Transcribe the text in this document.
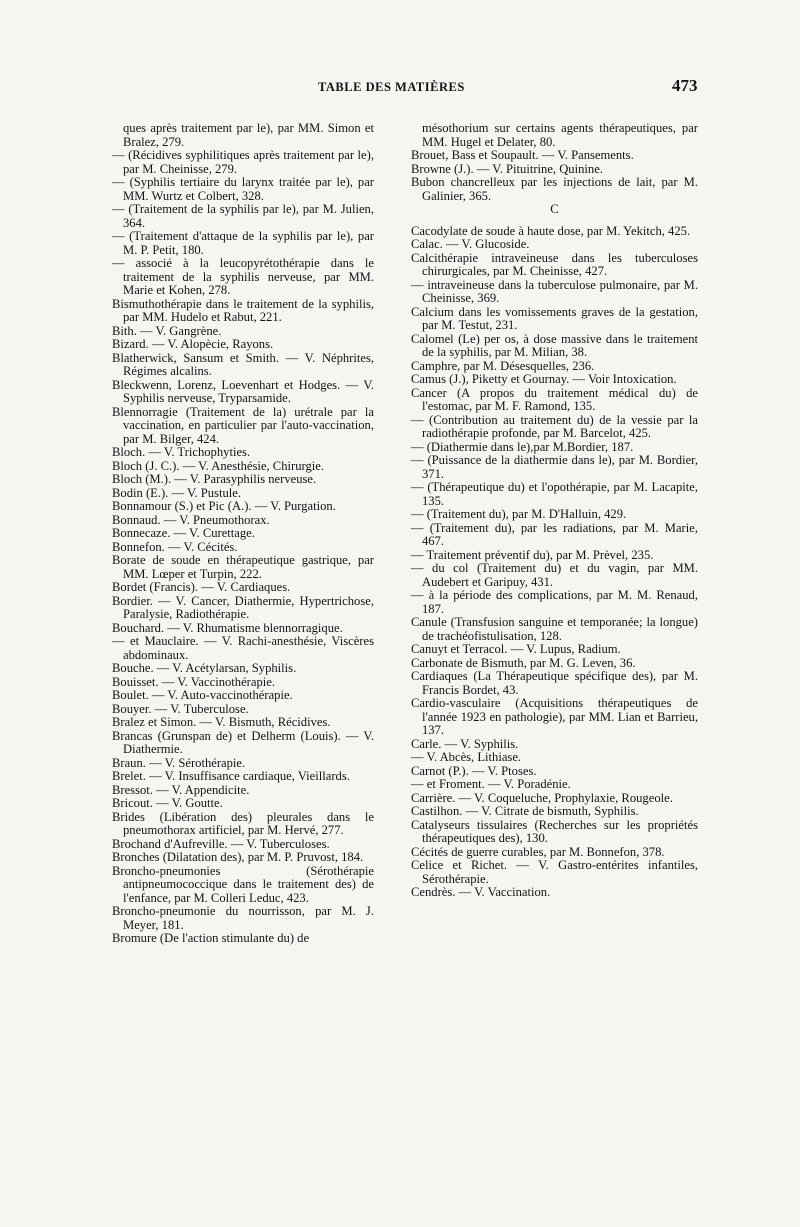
TABLE DES MATIÈRES	473
ques après traitement par le), par MM. Simon et Bralez, 279.
— (Récidives syphilitiques après traitement par le), par M. Cheinisse, 279.
— (Syphilis tertiaire du larynx traitée par le), par MM. Wurtz et Colbert, 328.
— (Traitement de la syphilis par le), par M. Julien, 364.
— (Traitement d'attaque de la syphilis par le), par M. P. Petit, 180.
— associé à la leucopyrétothérapie dans le traitement de la syphilis nerveuse, par MM. Marie et Kohen, 278.
Bismuthothérapie dans le traitement de la syphilis, par MM. Hudelo et Rabut, 221.
Bith. — V. Gangrène.
Bizard. — V. Alopècie, Rayons.
Blatherwick, Sansum et Smith. — V. Néphrites, Régimes alcalins.
Bleckwenn, Lorenz, Loevenhart et Hodges. — V. Syphilis nerveuse, Tryparsamide.
Blennorragie (Traitement de la) urétrale par la vaccination, en particulier par l'auto-vaccination, par M. Bilger, 424.
Bloch. — V. Trichophyties.
Bloch (J. C.). — V. Anesthésie, Chirurgie.
Bloch (M.). — V. Parasyphilis nerveuse.
Bodin (E.). — V. Pustule.
Bonnamour (S.) et Pic (A.). — V. Purgation.
Bonnaud. — V. Pneumothorax.
Bonnecaze. — V. Curettage.
Bonnefon. — V. Cécités.
Borate de soude en thérapeutique gastrique, par MM. Lœper et Turpin, 222.
Bordet (Francis). — V. Cardiaques.
Bordier. — V. Cancer, Diathermie, Hypertrichose, Paralysie, Radiothérapie.
Bouchard. — V. Rhumatisme blennorragique.
— et Mauclaire. — V. Rachi-anesthésie, Viscères abdominaux.
Bouche. — V. Acétylarsan, Syphilis.
Bouisset. — V. Vaccinothérapie.
Boulet. — V. Auto-vaccinothérapie.
Bouyer. — V. Tuberculose.
Bralez et Simon. — V. Bismuth, Récidives.
Brancas (Grunspan de) et Delherm (Louis). — V. Diathermie.
Braun. — V. Sérothérapie.
Brelet. — V. Insuffisance cardiaque, Vieillards.
Bressot. — V. Appendicite.
Bricout. — V. Goutte.
Brides (Libération des) pleurales dans le pneumothorax artificiel, par M. Hervé, 277.
Brochand d'Aufreville. — V. Tuberculoses.
Bronches (Dilatation des), par M. P. Pruvost, 184.
Broncho-pneumonies (Sérothérapie antipneumococcique dans le traitement des) de l'enfance, par M. Colleri Leduc, 423.
Broncho-pneumonie du nourrisson, par M. J. Meyer, 181.
Bromure (De l'action stimulante du) de
mésothorium sur certains agents thérapeutiques, par MM. Hugel et Delater, 80.
Brouet, Bass et Soupault. — V. Pansements.
Browne (J.). — V. Pituitrine, Quinine.
Bubon chancrelleux par les injections de lait, par M. Galinier, 365.
C
Cacodylate de soude à haute dose, par M. Yekitch, 425.
Calac. — V. Glucoside.
Calcithérapie intraveineuse dans les tuberculoses chirurgicales, par M. Cheinisse, 427.
— intraveineuse dans la tuberculose pulmonaire, par M. Cheinisse, 369.
Calcium dans les vomissements graves de la gestation, par M. Testut, 231.
Calomel (Le) per os, à dose massive dans le traitement de la syphilis, par M. Milian, 38.
Camphre, par M. Désesquelles, 236.
Camus (J.), Piketty et Gournay. — Voir Intoxication.
Cancer (A propos du traitement médical du) de l'estomac, par M. F. Ramond, 135.
— (Contribution au traitement du) de la vessie par la radiothérapie profonde, par M. Barcelot, 425.
— (Diathermie dans le),par M.Bordier, 187.
— (Puissance de la diathermie dans le), par M. Bordier, 371.
— (Thérapeutique du) et l'opothérapie, par M. Lacapite, 135.
— (Traitement du), par M. D'Halluin, 429.
— (Traitement du), par les radiations, par M. Marie, 467.
— Traitement préventif du), par M. Prèvel, 235.
— du col (Traitement du) et du vagin, par MM. Audebert et Garipuy, 431.
— à la période des complications, par M. M. Renaud, 187.
Canule (Transfusion sanguine et temporanée; la longue) de trachéofistulisation, 128.
Canuyt et Terracol. — V. Lupus, Radium.
Carbonate de Bismuth, par M. G. Leven, 36.
Cardiaques (La Thérapeutique spécifique des), par M. Francis Bordet, 43.
Cardio-vasculaire (Acquisitions thérapeutiques de l'année 1923 en pathologie), par MM. Lian et Barrieu, 137.
Carle. — V. Syphilis.
— V. Abcès, Lithiase.
Carnot (P.). — V. Ptoses.
— et Froment. — V. Poradénie.
Carrière. — V. Coqueluche, Prophylaxie, Rougeole.
Castilhon. — V. Citrate de bismuth, Syphilis.
Catalyseurs tissulaires (Recherches sur les propriétés thérapeutiques des), 130.
Cécités de guerre curables, par M. Bonnefon, 378.
Celice et Richet. — V. Gastro-entérites infantiles, Sérothérapie.
Cendrès. — V. Vaccination.
